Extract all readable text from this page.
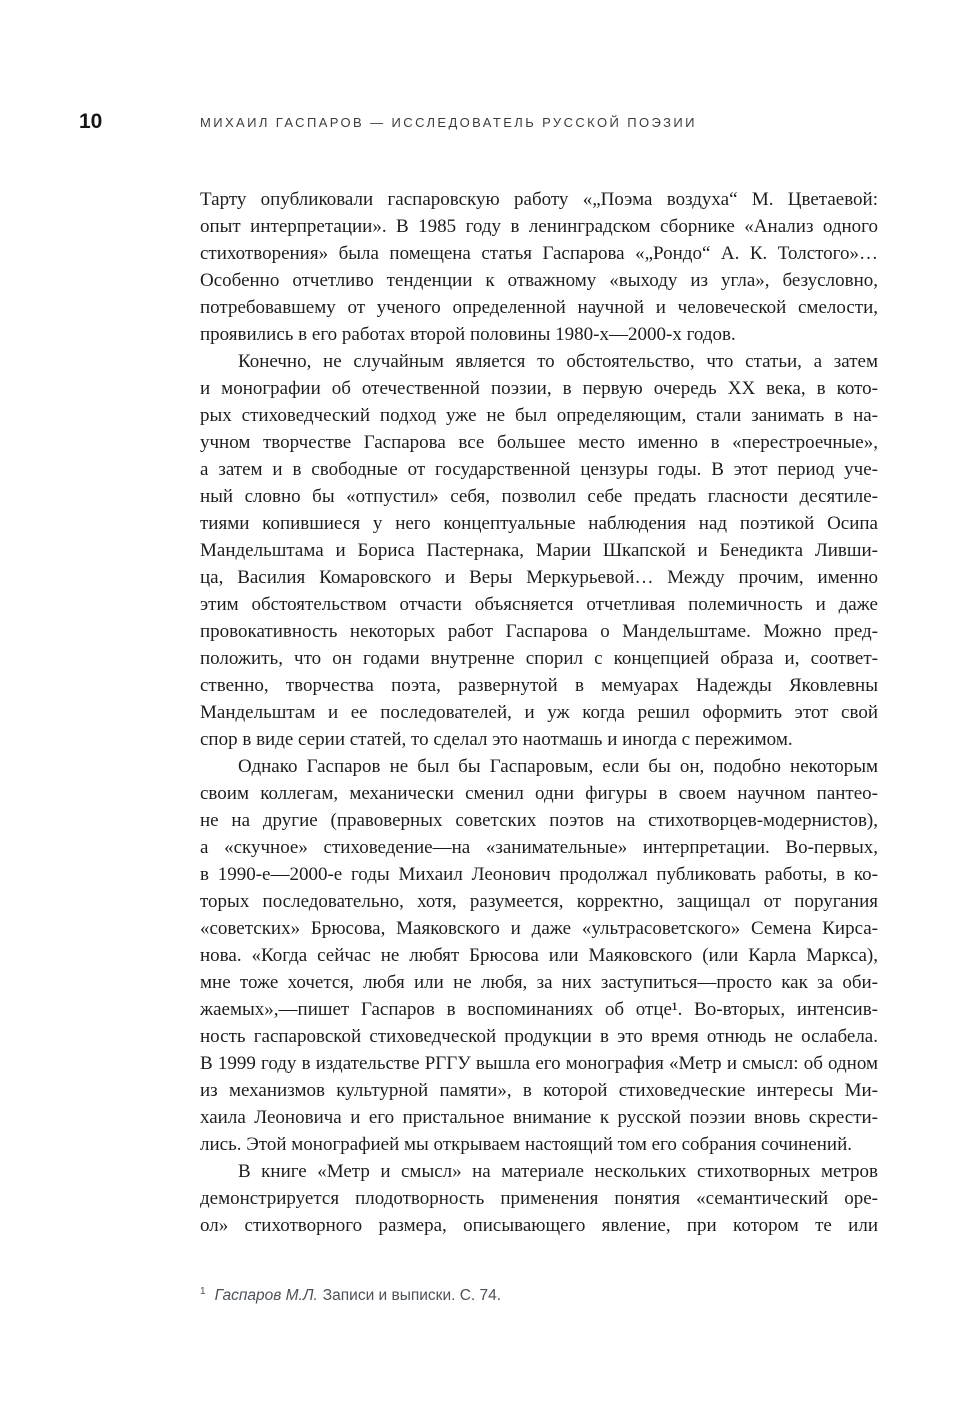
10	МИХАИЛ ГАСПАРОВ — ИССЛЕДОВАТЕЛЬ РУССКОЙ ПОЭЗИИ

Тарту опубликовали гаспаровскую работу «„Поэма воздуха“ М. Цветаевой:
опыт интерпретации». В 1985 году в ленинградском сборнике «Анализ одного
стихотворения» была помещена статья Гаспарова «„Рондо“ А. К. Толстого»…
Особенно отчетливо тенденции к отважному «выходу из угла», безусловно,
потребовавшему от ученого определенной научной и человеческой смелости,
проявились в его работах второй половины 1980-х—2000-х годов.

Конечно, не случайным является то обстоятельство, что статьи, а затем
и монографии об отечественной поэзии, в первую очередь XX века, в кото-
рых стиховедческий подход уже не был определяющим, стали занимать в на-
учном творчестве Гаспарова все большее место именно в «перестроечные»,
а затем и в свободные от государственной цензуры годы. В этот период уче-
ный словно бы «отпустил» себя, позволил себе предать гласности десятиле-
тиями копившиеся у него концептуальные наблюдения над поэтикой Осипа
Мандельштама и Бориса Пастернака, Марии Шкапской и Бенедикта Ливши-
ца, Василия Комаровского и Веры Меркурьевой… Между прочим, именно
этим обстоятельством отчасти объясняется отчетливая полемичность и даже
провокативность некоторых работ Гаспарова о Мандельштаме. Можно пред-
положить, что он годами внутренне спорил с концепцией образа и, соответ-
ственно, творчества поэта, развернутой в мемуарах Надежды Яковлевны
Мандельштам и ее последователей, и уж когда решил оформить этот свой
спор в виде серии статей, то сделал это наотмашь и иногда с пережимом.

Однако Гаспаров не был бы Гаспаровым, если бы он, подобно некоторым
своим коллегам, механически сменил одни фигуры в своем научном пантео-
не на другие (правоверных советских поэтов на стихотворцев-модернистов),
а «скучное» стиховедение—на «занимательные» интерпретации. Во-первых,
в 1990-е—2000-е годы Михаил Леонович продолжал публиковать работы, в ко-
торых последовательно, хотя, разумеется, корректно, защищал от поругания
«советских» Брюсова, Маяковского и даже «ультрасоветского» Семена Кирса-
нова. «Когда сейчас не любят Брюсова или Маяковского (или Карла Маркса),
мне тоже хочется, любя или не любя, за них заступиться—просто как за оби-
жаемых»,—пишет Гаспаров в воспоминаниях об отце¹. Во-вторых, интенсив-
ность гаспаровской стиховедческой продукции в это время отнюдь не ослабела.
В 1999 году в издательстве РГГУ вышла его монография «Метр и смысл: об одном
из механизмов культурной памяти», в которой стиховедческие интересы Ми-
хаила Леоновича и его пристальное внимание к русской поэзии вновь скрести-
лись. Этой монографией мы открываем настоящий том его собрания сочинений.

В книге «Метр и смысл» на материале нескольких стихотворных метров
демонстрируется плодотворность применения понятия «семантический оре-
ол» стихотворного размера, описывающего явление, при котором те или

$^1$ Гаспаров М.Л. Записи и выписки. С. 74.
